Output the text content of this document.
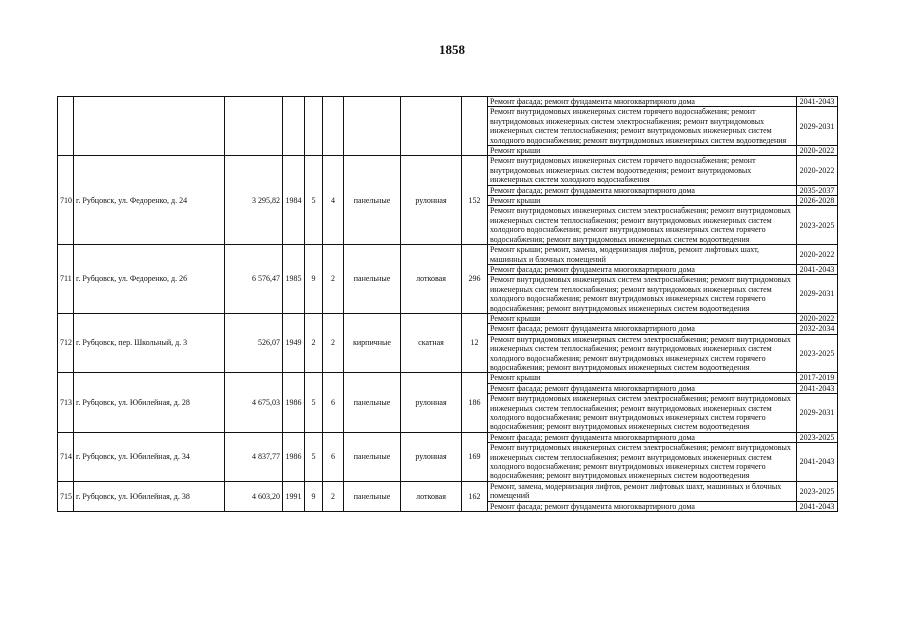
1858
									Ремонт фасада; ремонт фундамента многоквартирного дома	2041-2043
									Ремонт внутридомовых инженерных систем горячего водоснабжения; ремонт внутридомовых инженерных систем электроснабжения; ремонт внутридомовых инженерных систем теплоснабжения; ремонт внутридомовых инженерных систем холодного водоснабжения; ремонт внутридомовых инженерных систем водоотведения	2029-2031
									Ремонт крыши	2020-2022
710	г. Рубцовск, ул. Федоренко, д. 24	3 295,82	1984	5	4	панельные	рулонная	152	Ремонт внутридомовых инженерных систем горячего водоснабжения; ремонт внутридомовых инженерных систем водоотведения; ремонт внутридомовых инженерных систем холодного водоснабжения	2020-2022
									Ремонт фасада; ремонт фундамента многоквартирного дома	2035-2037
									Ремонт крыши	2026-2028
									Ремонт внутридомовых инженерных систем электроснабжения; ремонт внутридомовых инженерных систем теплоснабжения; ремонт внутридомовых инженерных систем холодного водоснабжения; ремонт внутридомовых инженерных систем горячего водоснабжения; ремонт внутридомовых инженерных систем водоотведения	2023-2025
711	г. Рубцовск, ул. Федоренко, д. 26	6 576,47	1985	9	2	панельные	лотковая	296	Ремонт крыши; ремонт, замена, модернизация лифтов, ремонт лифтовых шахт, машинных и блочных помещений	2020-2022
									Ремонт фасада; ремонт фундамента многоквартирного дома	2041-2043
									Ремонт внутридомовых инженерных систем электроснабжения; ремонт внутридомовых инженерных систем теплоснабжения; ремонт внутридомовых инженерных систем холодного водоснабжения; ремонт внутридомовых инженерных систем горячего водоснабжения; ремонт внутридомовых инженерных систем водоотведения	2029-2031
712	г. Рубцовск, пер. Школьный, д. 3	526,07	1949	2	2	кирпичные	скатная	12	Ремонт крыши	2020-2022
									Ремонт фасада; ремонт фундамента многоквартирного дома	2032-2034
									Ремонт внутридомовых инженерных систем электроснабжения; ремонт внутридомовых инженерных систем теплоснабжения; ремонт внутридомовых инженерных систем холодного водоснабжения; ремонт внутридомовых инженерных систем горячего водоснабжения; ремонт внутридомовых инженерных систем водоотведения	2023-2025
713	г. Рубцовск, ул. Юбилейная, д. 28	4 675,03	1986	5	6	панельные	рулонная	186	Ремонт крыши	2017-2019
									Ремонт фасада; ремонт фундамента многоквартирного дома	2041-2043
									Ремонт внутридомовых инженерных систем электроснабжения; ремонт внутридомовых инженерных систем теплоснабжения; ремонт внутридомовых инженерных систем холодного водоснабжения; ремонт внутридомовых инженерных систем горячего водоснабжения; ремонт внутридомовых инженерных систем водоотведения	2029-2031
714	г. Рубцовск, ул. Юбилейная, д. 34	4 837,77	1986	5	6	панельные	рулонная	169	Ремонт фасада; ремонт фундамента многоквартирного дома	2023-2025
									Ремонт внутридомовых инженерных систем электроснабжения; ремонт внутридомовых инженерных систем теплоснабжения; ремонт внутридомовых инженерных систем холодного водоснабжения; ремонт внутридомовых инженерных систем горячего водоснабжения; ремонт внутридомовых инженерных систем водоотведения	2041-2043
715	г. Рубцовск, ул. Юбилейная, д. 38	4 603,20	1991	9	2	панельные	лотковая	162	Ремонт, замена, модернизация лифтов, ремонт лифтовых шахт, машинных и блочных помещений	2023-2025
									Ремонт фасада; ремонт фундамента многоквартирного дома	2041-2043
